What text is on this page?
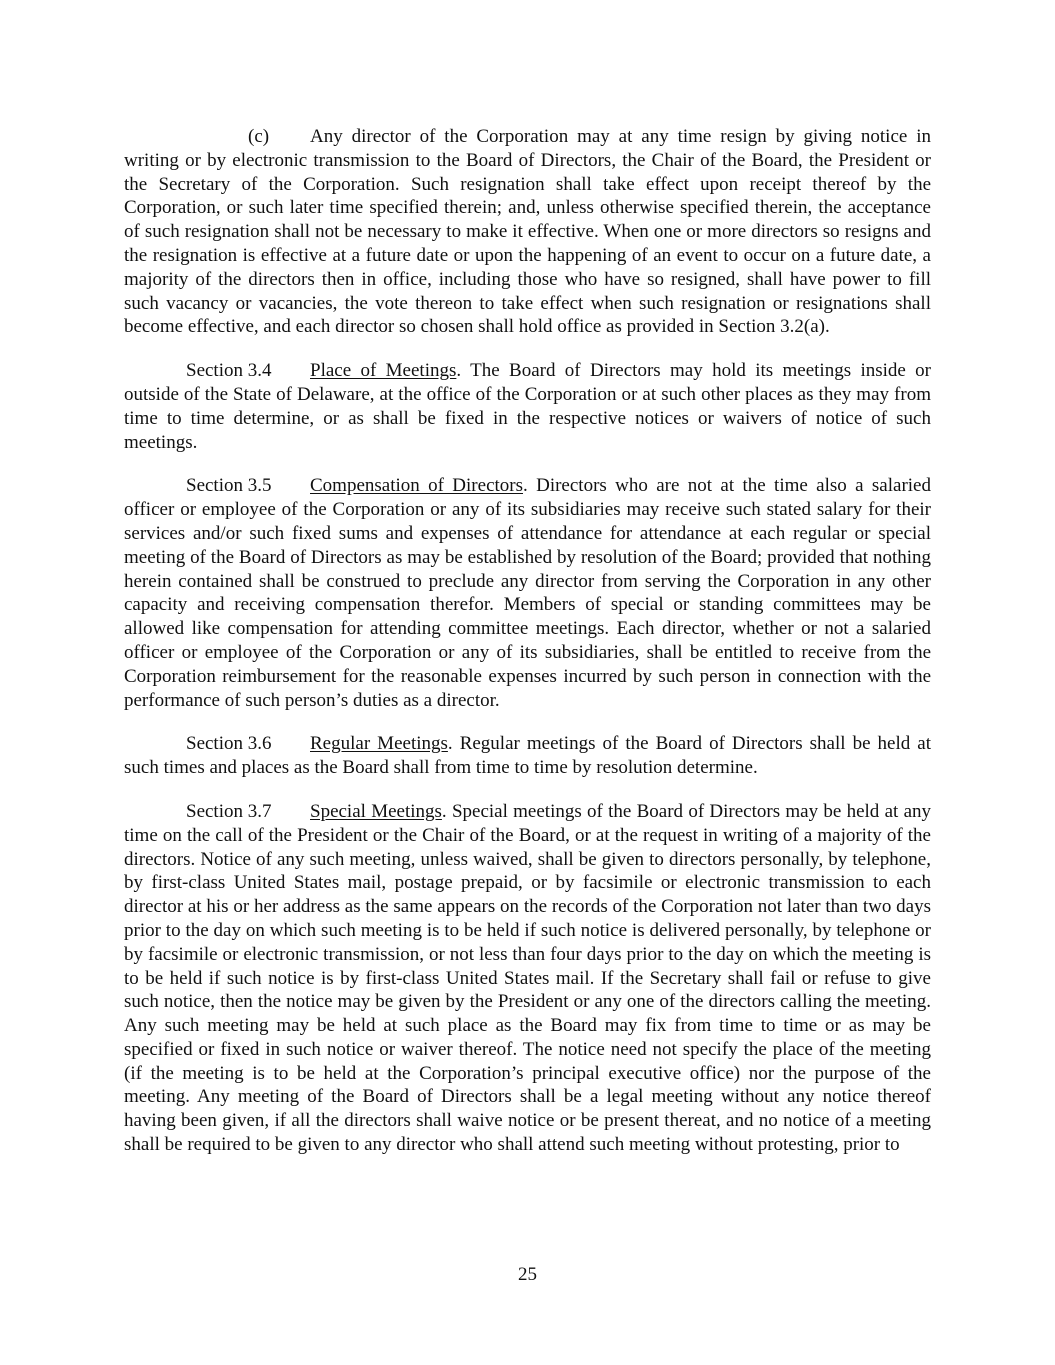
(c) Any director of the Corporation may at any time resign by giving notice in writing or by electronic transmission to the Board of Directors, the Chair of the Board, the President or the Secretary of the Corporation. Such resignation shall take effect upon receipt thereof by the Corporation, or such later time specified therein; and, unless otherwise specified therein, the acceptance of such resignation shall not be necessary to make it effective. When one or more directors so resigns and the resignation is effective at a future date or upon the happening of an event to occur on a future date, a majority of the directors then in office, including those who have so resigned, shall have power to fill such vacancy or vacancies, the vote thereon to take effect when such resignation or resignations shall become effective, and each director so chosen shall hold office as provided in Section 3.2(a).

Section 3.4 Place of Meetings. The Board of Directors may hold its meetings inside or outside of the State of Delaware, at the office of the Corporation or at such other places as they may from time to time determine, or as shall be fixed in the respective notices or waivers of notice of such meetings.

Section 3.5 Compensation of Directors. Directors who are not at the time also a salaried officer or employee of the Corporation or any of its subsidiaries may receive such stated salary for their services and/or such fixed sums and expenses of attendance for attendance at each regular or special meeting of the Board of Directors as may be established by resolution of the Board; provided that nothing herein contained shall be construed to preclude any director from serving the Corporation in any other capacity and receiving compensation therefor. Members of special or standing committees may be allowed like compensation for attending committee meetings. Each director, whether or not a salaried officer or employee of the Corporation or any of its subsidiaries, shall be entitled to receive from the Corporation reimbursement for the reasonable expenses incurred by such person in connection with the performance of such person’s duties as a director.

Section 3.6 Regular Meetings. Regular meetings of the Board of Directors shall be held at such times and places as the Board shall from time to time by resolution determine.

Section 3.7 Special Meetings. Special meetings of the Board of Directors may be held at any time on the call of the President or the Chair of the Board, or at the request in writing of a majority of the directors. Notice of any such meeting, unless waived, shall be given to directors personally, by telephone, by first-class United States mail, postage prepaid, or by facsimile or electronic transmission to each director at his or her address as the same appears on the records of the Corporation not later than two days prior to the day on which such meeting is to be held if such notice is delivered personally, by telephone or by facsimile or electronic transmission, or not less than four days prior to the day on which the meeting is to be held if such notice is by first-class United States mail. If the Secretary shall fail or refuse to give such notice, then the notice may be given by the President or any one of the directors calling the meeting. Any such meeting may be held at such place as the Board may fix from time to time or as may be specified or fixed in such notice or waiver thereof. The notice need not specify the place of the meeting (if the meeting is to be held at the Corporation’s principal executive office) nor the purpose of the meeting. Any meeting of the Board of Directors shall be a legal meeting without any notice thereof having been given, if all the directors shall waive notice or be present thereat, and no notice of a meeting shall be required to be given to any director who shall attend such meeting without protesting, prior to

25
